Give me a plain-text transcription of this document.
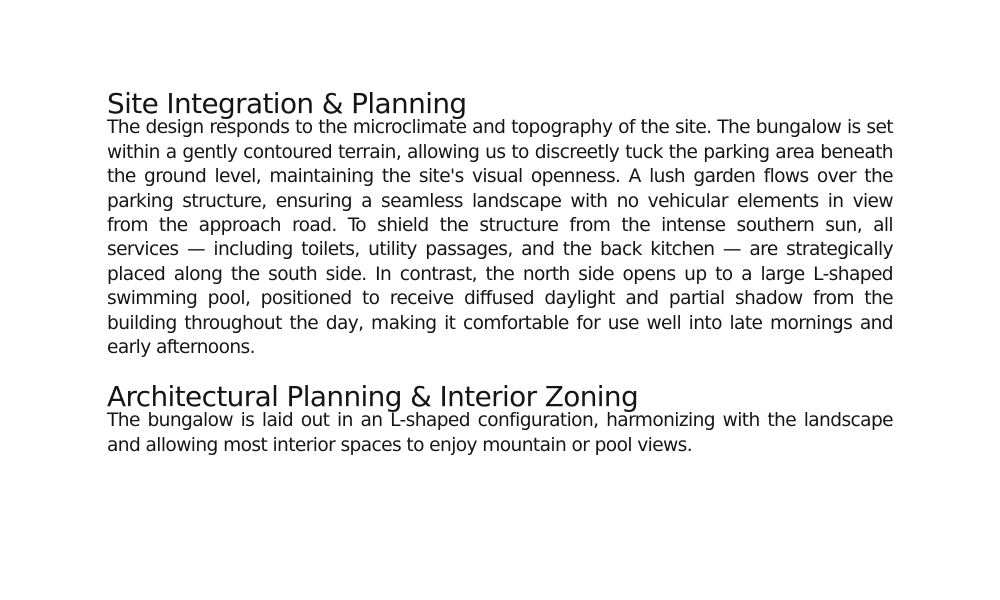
Site Integration & Planning

The design responds to the microclimate and topography of the site. The bungalow is set within a gently contoured terrain, allowing us to discreetly tuck the parking area beneath the ground level, maintaining the site's visual openness. A lush garden flows over the parking structure, ensuring a seamless landscape with no vehicular elements in view from the approach road. To shield the structure from the intense southern sun, all services — including toilets, utility passages, and the back kitchen — are strategically placed along the south side. In contrast, the north side opens up to a large L-shaped swimming pool, positioned to receive diffused daylight and partial shadow from the building throughout the day, making it comfortable for use well into late mornings and early afternoons.

Architectural Planning & Interior Zoning

The bungalow is laid out in an L-shaped configuration, harmonizing with the landscape and allowing most interior spaces to enjoy mountain or pool views.
